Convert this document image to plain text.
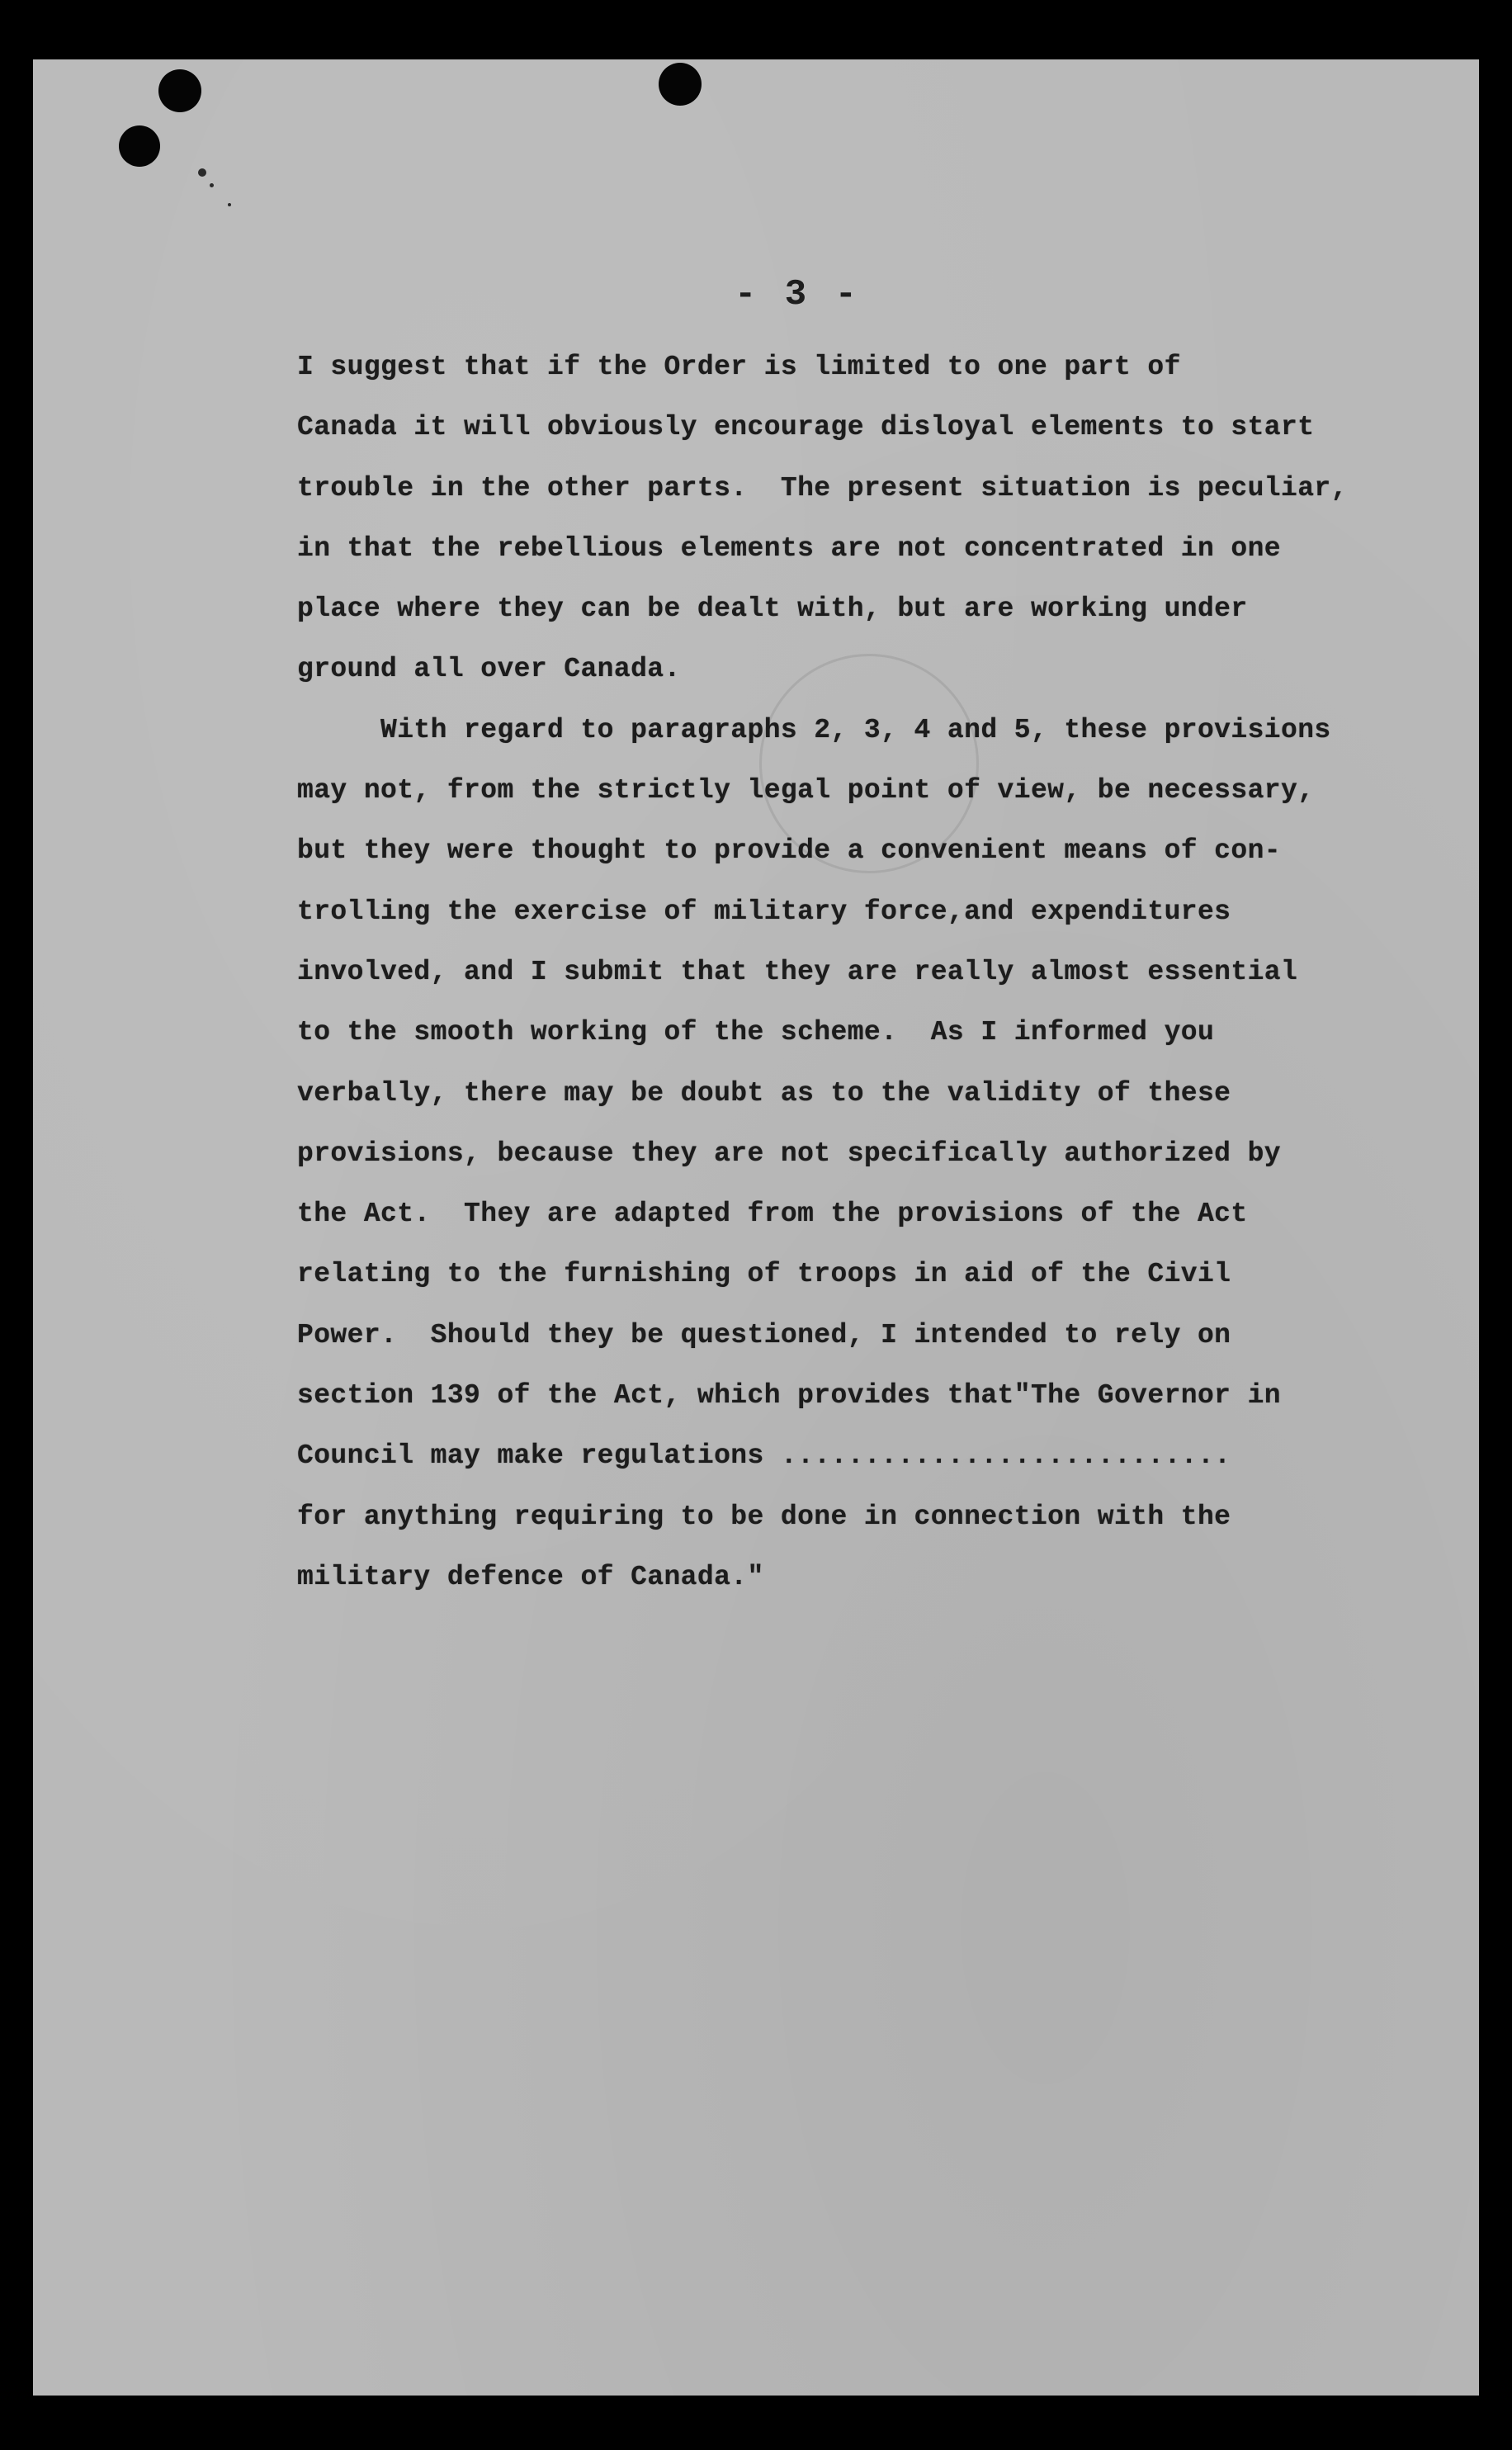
- 3 -
I suggest that if the Order is limited to one part of
Canada it will obviously encourage disloyal elements to start
trouble in the other parts.  The present situation is peculiar,
in that the rebellious elements are not concentrated in one
place where they can be dealt with, but are working under
ground all over Canada.
With regard to paragraphs 2, 3, 4 and 5, these provisions
may not, from the strictly legal point of view, be necessary,
but they were thought to provide a convenient means of con-
trolling the exercise of military force,and expenditures
involved, and I submit that they are really almost essential
to the smooth working of the scheme.  As I informed you
verbally, there may be doubt as to the validity of these
provisions, because they are not specifically authorized by
the Act.  They are adapted from the provisions of the Act
relating to the furnishing of troops in aid of the Civil
Power.  Should they be questioned, I intended to rely on
section 139 of the Act, which provides that"The Governor in
Council may make regulations ...........................
for anything requiring to be done in connection with the
military defence of Canada."
